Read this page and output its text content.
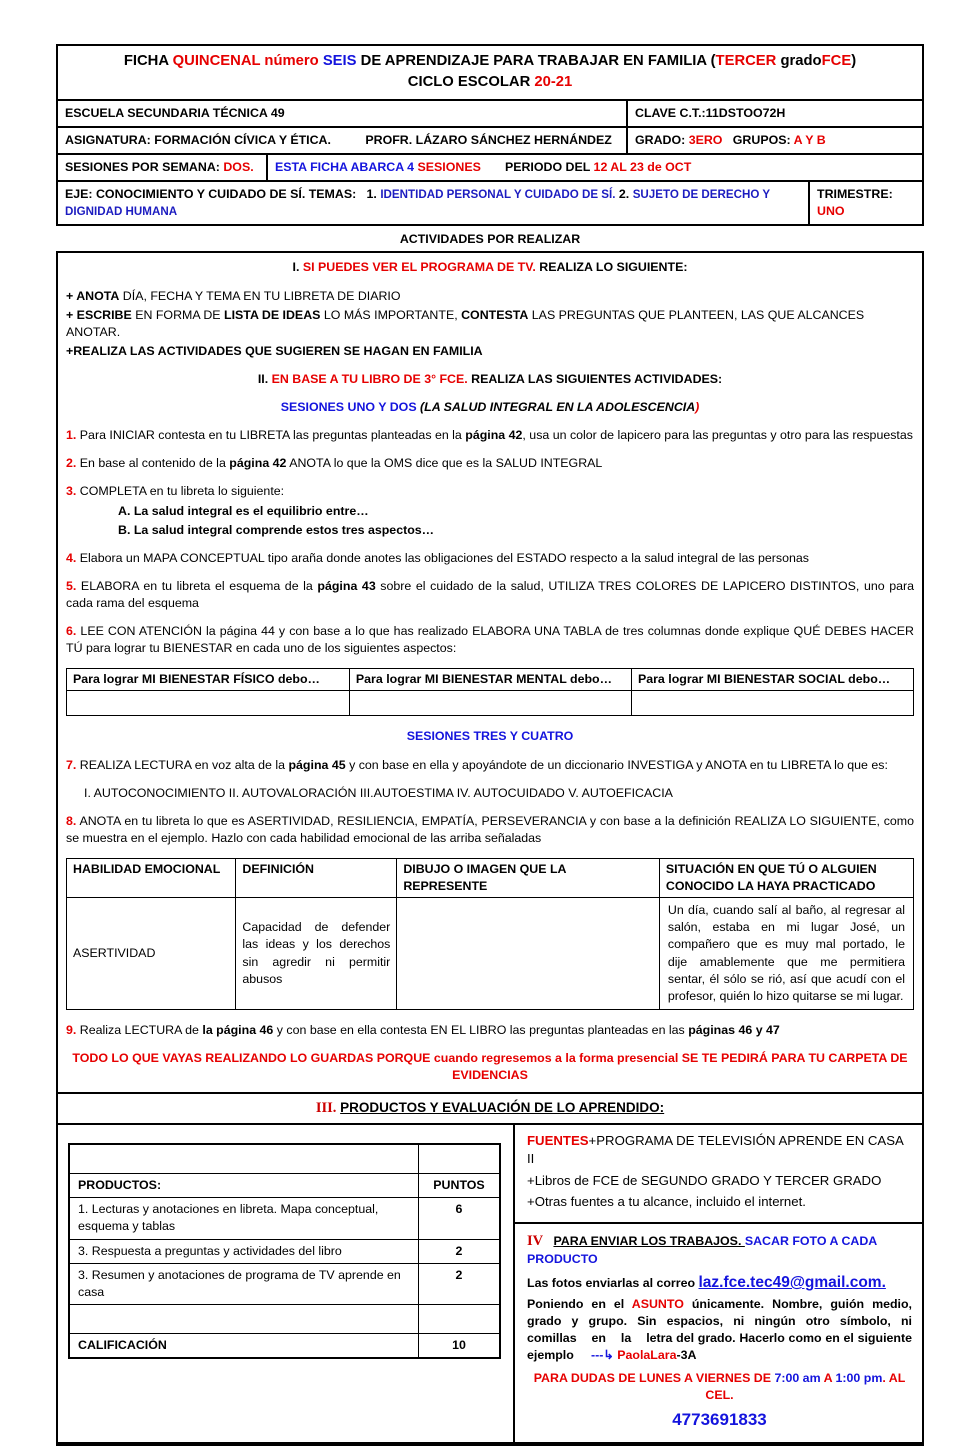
FICHA QUINCENAL número SEIS DE APRENDIZAJE PARA TRABAJAR EN FAMILIA (TERCER gradoFCE)
CICLO ESCOLAR 20-21
ESCUELA SECUNDARIA TÉCNICA 49	CLAVE C.T.:11DSTOO72H
ASIGNATURA: FORMACIÓN CÍVICA Y ÉTICA.          PROFR. LÁZARO SÁNCHEZ HERNÁNDEZ	GRADO: 3ERO   GRUPOS: A Y B
SESIONES POR SEMANA: DOS.	ESTA FICHA ABARCA 4 SESIONES       PERIODO DEL 12 AL 23 de OCT
EJE: CONOCIMIENTO Y CUIDADO DE SÍ. TEMAS:   1. IDENTIDAD PERSONAL Y CUIDADO DE SÍ. 2. SUJETO DE DERECHO Y DIGNIDAD HUMANA
TRIMESTRE: UNO
ACTIVIDADES POR REALIZAR

I. SI PUEDES VER EL PROGRAMA DE TV. REALIZA LO SIGUIENTE:

+ ANOTA DÍA, FECHA Y TEMA EN TU LIBRETA DE DIARIO

+ ESCRIBE EN FORMA DE LISTA DE IDEAS LO MÁS IMPORTANTE, CONTESTA LAS PREGUNTAS QUE PLANTEEN, LAS QUE ALCANCES ANOTAR.

+REALIZA LAS ACTIVIDADES QUE SUGIEREN SE HAGAN EN FAMILIA

II. EN BASE A TU LIBRO DE 3° FCE. REALIZA LAS SIGUIENTES ACTIVIDADES:

SESIONES UNO Y DOS (LA SALUD INTEGRAL EN LA ADOLESCENCIA)

1. Para INICIAR contesta en tu LIBRETA las preguntas planteadas en la página 42, usa un color de lapicero para las preguntas y otro para las respuestas

2. En base al contenido de la página 42 ANOTA lo que la OMS dice que es la SALUD INTEGRAL

3. COMPLETA en tu libreta lo siguiente:

A. La salud integral es el equilibrio entre…

B. La salud integral comprende estos tres aspectos…

4. Elabora un MAPA CONCEPTUAL tipo araña donde anotes las obligaciones del ESTADO respecto a la salud integral de las personas

5. ELABORA en tu libreta el esquema de la página 43 sobre el cuidado de la salud, UTILIZA TRES COLORES DE LAPICERO DISTINTOS, uno para cada rama del esquema

6. LEE CON ATENCIÓN la página 44 y con base a lo que has realizado ELABORA UNA TABLA de tres columnas donde explique QUÉ DEBES HACER TÚ para lograr tu BIENESTAR en cada uno de los siguientes aspectos:

Para lograr MI BIENESTAR FÍSICO debo…	Para lograr MI BIENESTAR MENTAL debo…	Para lograr MI BIENESTAR SOCIAL debo…

SESIONES TRES Y CUATRO

7. REALIZA LECTURA en voz alta de la página 45 y con base en ella y apoyándote de un diccionario INVESTIGA y ANOTA en tu LIBRETA lo que es:

I. AUTOCONOCIMIENTO II. AUTOVALORACIÓN III.AUTOESTIMA IV. AUTOCUIDADO V. AUTOEFICACIA

8. ANOTA en tu libreta lo que es ASERTIVIDAD, RESILIENCIA, EMPATÍA, PERSEVERANCIA y con base a la definición REALIZA LO SIGUIENTE, como se muestra en el ejemplo. Hazlo con cada habilidad emocional de las arriba señaladas

HABILIDAD EMOCIONAL	DEFINICIÓN	DIBUJO O IMAGEN QUE LA REPRESENTE	SITUACIÓN EN QUE TÚ O ALGUIEN CONOCIDO LA HAYA PRACTICADO
ASERTIVIDAD	Capacidad de defender las ideas y los derechos sin agredir ni permitir abusos		Un día, cuando salí al baño, al regresar al salón, estaba en mi lugar José, un compañero que es muy mal portado, le dije amablemente que me permitiera sentar, él sólo se rió, así que acudí con el profesor, quién lo hizo quitarse se mi lugar.

9. Realiza LECTURA de la página 46 y con base en ella contesta EN EL LIBRO las preguntas planteadas en las páginas 46 y 47

TODO LO QUE VAYAS REALIZANDO LO GUARDAS PORQUE cuando regresemos a la forma presencial SE TE PEDIRÁ PARA TU CARPETA DE EVIDENCIAS

III. PRODUCTOS Y EVALUACIÓN DE LO APRENDIDO:

PRODUCTOS:	PUNTOS
1. Lecturas y anotaciones en libreta. Mapa conceptual, esquema y tablas	6
3. Respuesta a preguntas y actividades del libro	2
3. Resumen y anotaciones de programa de TV aprende en casa	2

CALIFICACIÓN	10

FUENTES+PROGRAMA DE TELEVISIÓN APRENDE EN CASA II

+Libros de FCE de SEGUNDO GRADO Y TERCER GRADO

+Otras fuentes a tu alcance, incluido el internet.

IV PARA ENVIAR LOS TRABAJOS. SACAR FOTO A CADA PRODUCTO

Las fotos enviarlas al correo laz.fce.tec49@gmail.com.

Poniendo en el ASUNTO únicamente. Nombre, guión medio, grado y grupo. Sin espacios, ni ningún otro símbolo, ni comillas    en    la    letra del grado. Hacerlo como en el siguiente ejemplo     ---↳ PaolaLara-3A

PARA DUDAS DE LUNES A VIERNES DE 7:00 am A 1:00 pm. AL CEL.

4773691833
